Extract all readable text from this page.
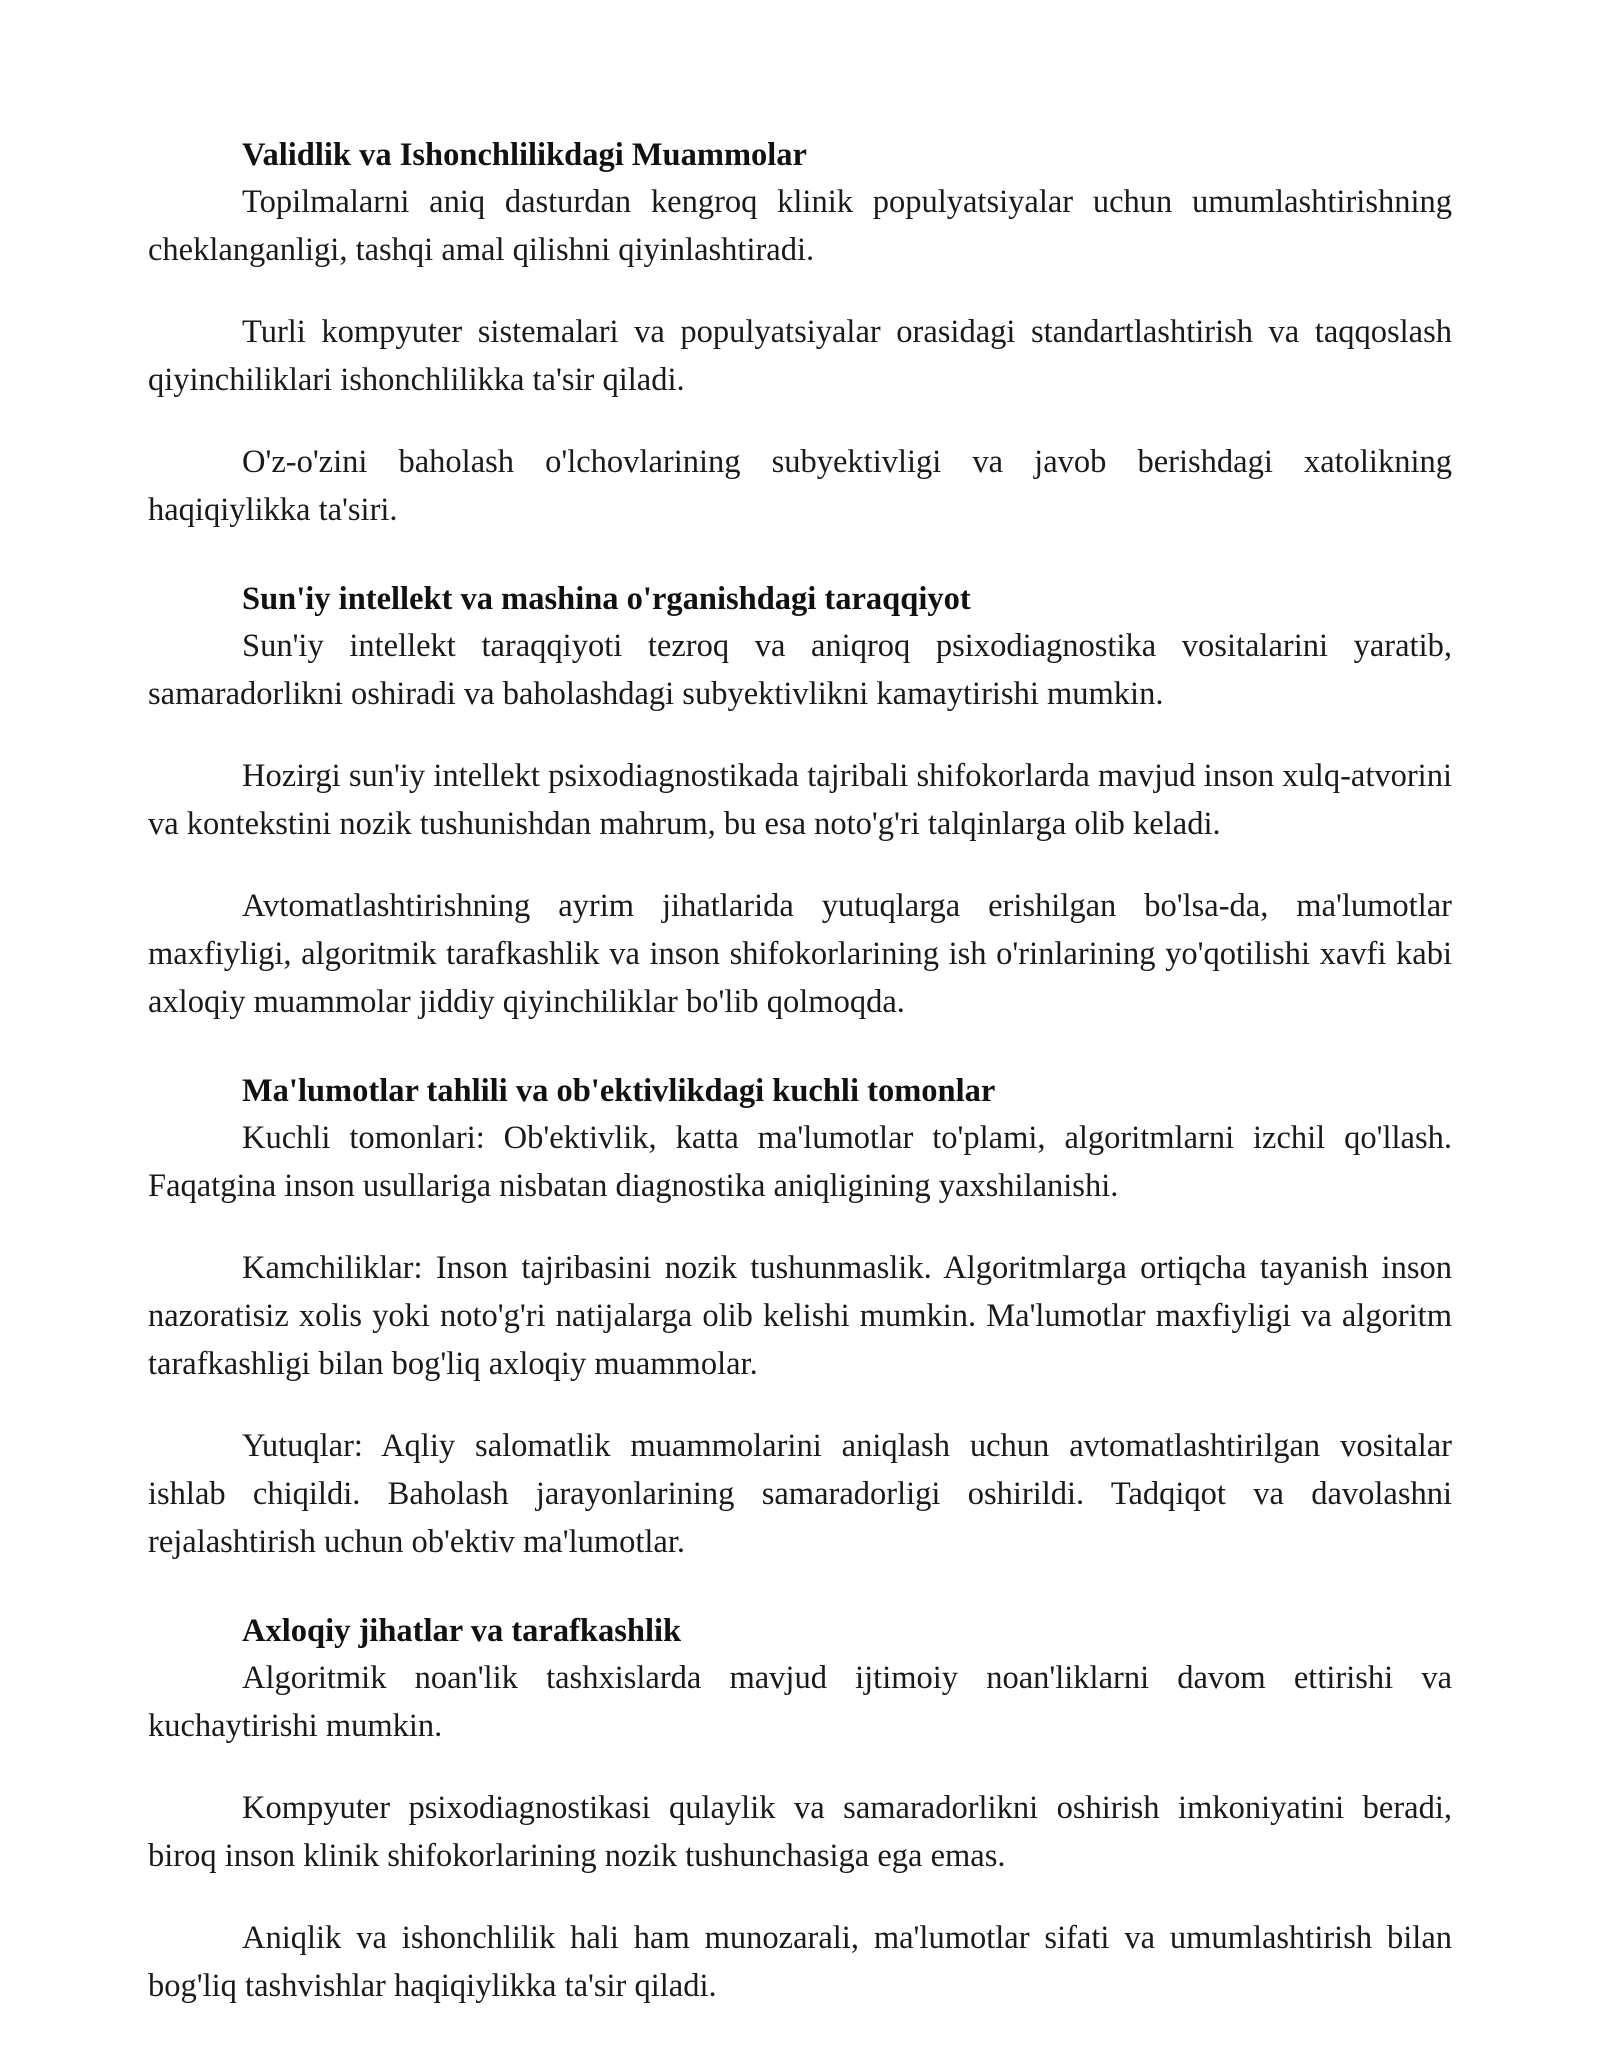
Validlik va Ishonchlilikdagi Muammolar

Topilmalarni aniq dasturdan kengroq klinik populyatsiyalar uchun umumlashtirishning cheklanganligi, tashqi amal qilishni qiyinlashtiradi.

Turli kompyuter sistemalari va populyatsiyalar orasidagi standartlashtirish va taqqoslash qiyinchiliklari ishonchlilikka ta'sir qiladi.

O'z-o'zini baholash o'lchovlarining subyektivligi va javob berishdagi xatolikning haqiqiylikka ta'siri.

Sun'iy intellekt va mashina o'rganishdagi taraqqiyot

Sun'iy intellekt taraqqiyoti tezroq va aniqroq psixodiagnostika vositalarini yaratib, samaradorlikni oshiradi va baholashdagi subyektivlikni kamaytirishi mumkin.

Hozirgi sun'iy intellekt psixodiagnostikada tajribali shifokorlarda mavjud inson xulq-atvorini va kontekstini nozik tushunishdan mahrum, bu esa noto'g'ri talqinlarga olib keladi.

Avtomatlashtirishning ayrim jihatlarida yutuqlarga erishilgan bo'lsa-da, ma'lumotlar maxfiyligi, algoritmik tarafkashlik va inson shifokorlarining ish o'rinlarining yo'qotilishi xavfi kabi axloqiy muammolar jiddiy qiyinchiliklar bo'lib qolmoqda.

Ma'lumotlar tahlili va ob'ektivlikdagi kuchli tomonlar

Kuchli tomonlari: Ob'ektivlik, katta ma'lumotlar to'plami, algoritmlarni izchil qo'llash. Faqatgina inson usullariga nisbatan diagnostika aniqligining yaxshilanishi.

Kamchiliklar: Inson tajribasini nozik tushunmaslik. Algoritmlarga ortiqcha tayanish inson nazoratisiz xolis yoki noto'g'ri natijalarga olib kelishi mumkin. Ma'lumotlar maxfiyligi va algoritm tarafkashligi bilan bog'liq axloqiy muammolar.

Yutuqlar: Aqliy salomatlik muammolarini aniqlash uchun avtomatlashtirilgan vositalar ishlab chiqildi. Baholash jarayonlarining samaradorligi oshirildi. Tadqiqot va davolashni rejalashtirish uchun ob'ektiv ma'lumotlar.

Axloqiy jihatlar va tarafkashlik

Algoritmik noan'lik tashxislarda mavjud ijtimoiy noan'liklarni davom ettirishi va kuchaytirishi mumkin.

Kompyuter psixodiagnostikasi qulaylik va samaradorlikni oshirish imkoniyatini beradi, biroq inson klinik shifokorlarining nozik tushunchasiga ega emas.

Aniqlik va ishonchlilik hali ham munozarali, ma'lumotlar sifati va umumlashtirish bilan bog'liq tashvishlar haqiqiylikka ta'sir qiladi.
